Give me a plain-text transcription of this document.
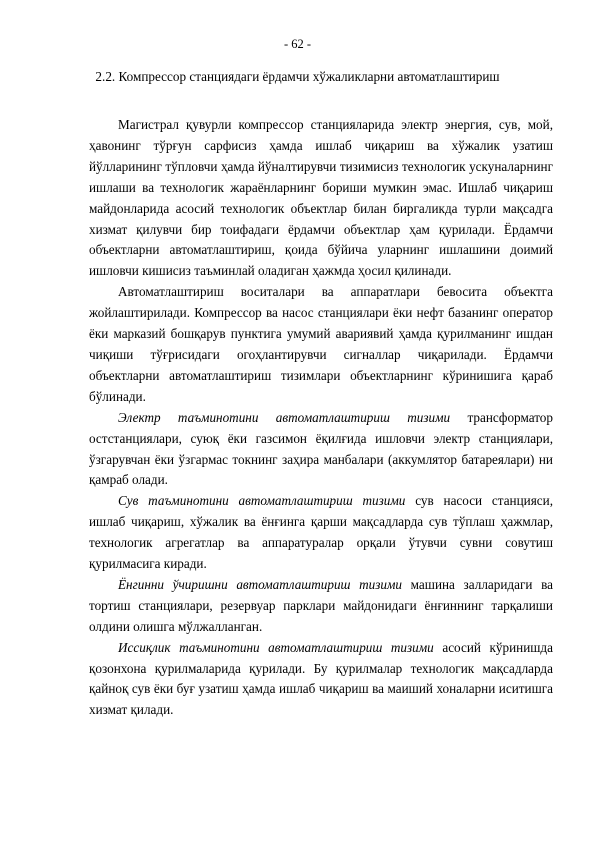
- 62 -
2.2. Компрессор станциядаги ёрдамчи хўжаликларни автоматлаштириш

Магистрал қувурли компрессор станцияларида электр энергия, сув, мой, ҳавонинг тўрғун сарфисиз ҳамда ишлаб чиқариш ва хўжалик узатиш йўлларининг тўпловчи ҳамда йўналтирувчи тизимисиз технологик ускуналарнинг ишлаши ва технологик жараёнларнинг бориши мумкин эмас. Ишлаб чиқариш майдонларида асосий технологик объектлар билан биргаликда турли мақсадга хизмат қилувчи бир тоифадаги ёрдамчи объектлар ҳам қурилади. Ёрдамчи объектларни автоматлаштириш, қоида бўйича уларнинг ишлашини доимий ишловчи кишисиз таъминлай оладиган ҳажмда ҳосил қилинади.

Автоматлаштириш воситалари ва аппаратлари бевосита объектга жойлаштирилади. Компрессор ва насос станциялари ёки нефт базанинг оператор ёки марказий бошқарув пунктига умумий авариявий ҳамда қурилманинг ишдан чиқиши тўғрисидаги огоҳлантирувчи сигналлар чиқарилади. Ёрдамчи объектларни автоматлаштириш тизимлари объектларнинг кўринишига қараб бўлинади.

Электр таъминотини автоматлаштириш тизими трансформатор остстанциялари, суюқ ёки газсимон ёқилғида ишловчи электр станциялари, ўзгарувчан ёки ўзгармас токнинг заҳира манбалари (аккумлятор батареялари) ни қамраб олади.

Сув таъминотини автоматлаштириш тизими сув насоси станцияси, ишлаб чиқариш, хўжалик ва ёнғинга қарши мақсадларда сув тўплаш ҳажмлар, технологик агрегатлар ва аппаратуралар орқали ўтувчи сувни совутиш қурилмасига киради.

Ёнгинни ўчиришни автоматлаштириш тизими машина залларидаги ва тортиш станциялари, резервуар парклари майдонидаги ёнғиннинг тарқалиши олдини олишга мўлжалланган.

Иссиқлик таъминотини автоматлаштириш тизими асосий кўринишда қозонхона қурилмаларида қурилади. Бу қурилмалар технологик мақсадларда қайноқ сув ёки буғ узатиш ҳамда ишлаб чиқариш ва маиший хоналарни иситишга хизмат қилади.
